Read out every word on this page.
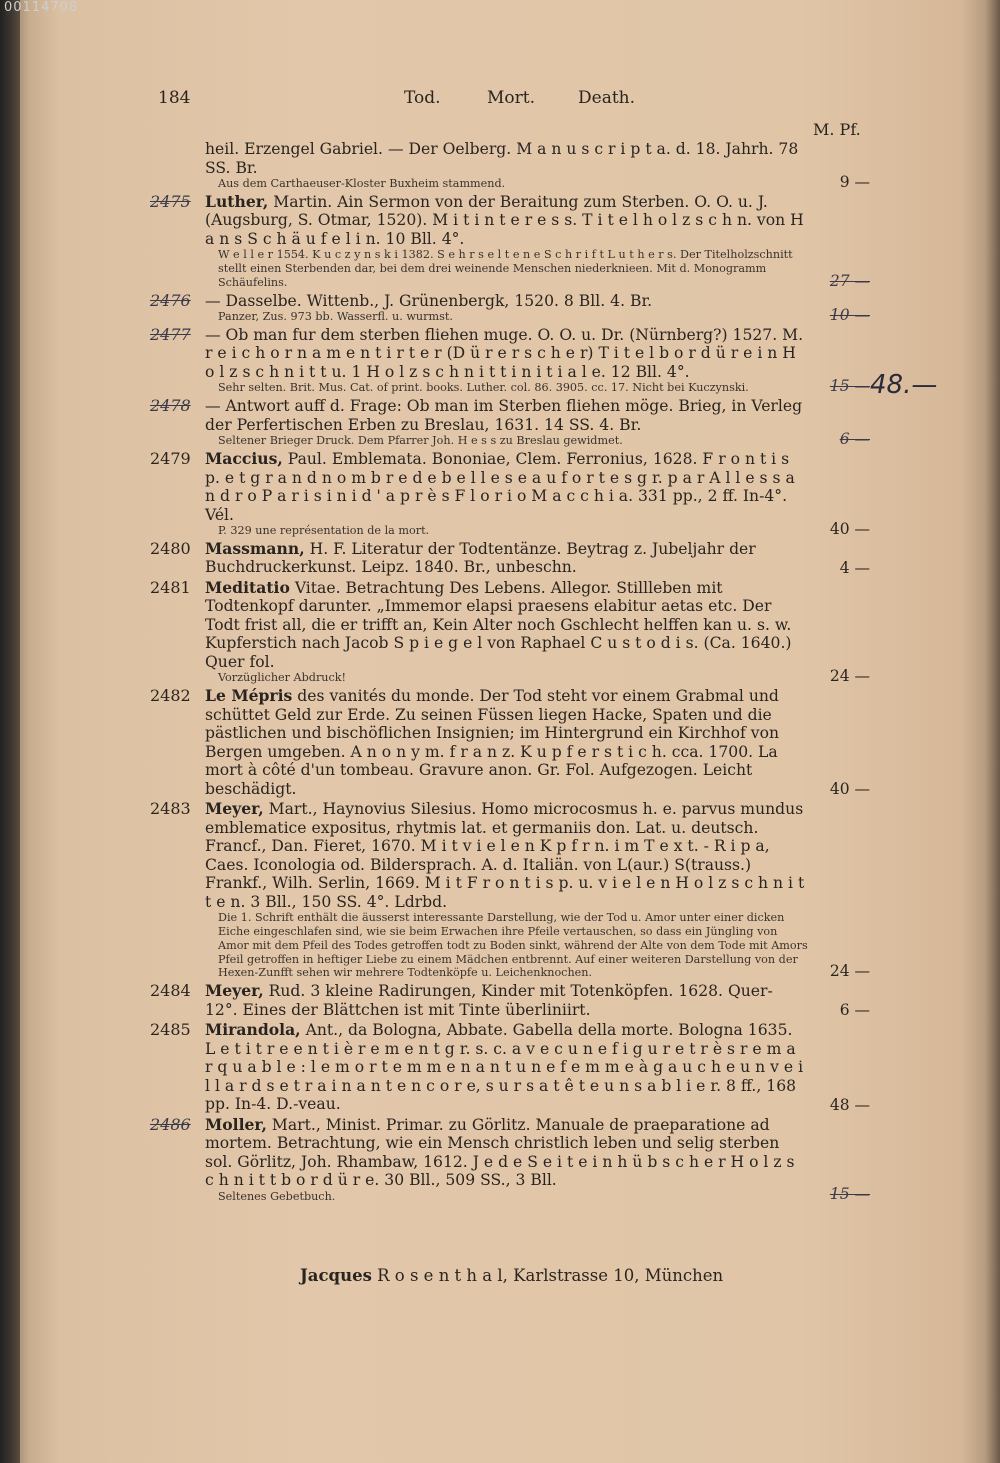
00114708
184	Tod.	Mort.	Death.
M. Pf.
heil. Erzengel Gabriel. — Der Oelberg. M a n u s c r i p t a. d. 18. Jahrh. 78 SS. Br.
Aus dem Carthaeuser-Kloster Buxheim stammend.	9 —
2475 Luther, Martin. Ain Sermon von der Beraitung zum Sterben. O. O. u. J. (Augsburg, S. Otmar, 1520). M i t i n t e r e s s. T i t e l h o l z s c h n. von H a n s S c h ä u f e l i n. 10 Bll. 4°.
W e l l e r 1554. K u c z y n s k i 1382. S e h r s e l t e n e S c h r i f t L u t h e r s. Der Titelholzschnitt stellt einen Sterbenden dar, bei dem drei weinende Menschen niederknieen. Mit d. Monogramm Schäufelins.	27 —
2476 — Dasselbe. Wittenb., J. Grünenbergk, 1520. 8 Bll. 4. Br.
Panzer, Zus. 973 bb. Wasserfl. u. wurmst.	10 —
2477 — Ob man fur dem sterben fliehen muge. O. O. u. Dr. (Nürnberg?) 1527. M. r e i c h o r n a m e n t i r t e r (D ü r e r s c h e r) T i t e l b o r d ü r e i n H o l z s c h n i t t u. 1 H o l z s c h n i t t i n i t i a l e. 12 Bll. 4°.
Sehr selten. Brit. Mus. Cat. of print. books. Luther. col. 86. 3905. cc. 17. Nicht bei Kuczynski.	15 —
2478 — Antwort auff d. Frage: Ob man im Sterben fliehen möge. Brieg, in Verleg der Perfertischen Erben zu Breslau, 1631. 14 SS. 4. Br.
Seltener Brieger Druck. Dem Pfarrer Joh. H e s s zu Breslau gewidmet.	6 —
2479 Maccius, Paul. Emblemata. Bononiae, Clem. Ferronius, 1628. F r o n t i s p. e t g r a n d n o m b r e d e b e l l e s e a u f o r t e s g r. p a r A l l e s s a n d r o P a r i s i n i d ' a p r è s F l o r i o M a c c h i a. 331 pp., 2 ff. In-4°. Vél.
P. 329 une représentation de la mort.	40 —
2480 Massmann, H. F. Literatur der Todtentänze. Beytrag z. Jubeljahr der Buchdruckerkunst. Leipz. 1840. Br., unbeschn.	4 —
2481 Meditatio Vitae. Betrachtung Des Lebens. Allegor. Stillleben mit Todtenkopf darunter. „Immemor elapsi praesens elabitur aetas etc. Der Todt frist all, die er trifft an, Kein Alter noch Gschlecht helffen kan u. s. w. Kupferstich nach Jacob S p i e g e l von Raphael C u s t o d i s. (Ca. 1640.) Quer fol.
Vorzüglicher Abdruck!	24 —
2482 Le Mépris des vanités du monde. Der Tod steht vor einem Grabmal und schüttet Geld zur Erde. Zu seinen Füssen liegen Hacke, Spaten und die pästlichen und bischöflichen Insignien; im Hintergrund ein Kirchhof von Bergen umgeben. A n o n y m. f r a n z. K u p f e r s t i c h. cca. 1700. La mort à côté d'un tombeau. Gravure anon. Gr. Fol. Aufgezogen. Leicht beschädigt.	40 —
2483 Meyer, Mart., Haynovius Silesius. Homo microcosmus h. e. parvus mundus emblematice expositus, rhytmis lat. et germaniis don. Lat. u. deutsch. Francf., Dan. Fieret, 1670. M i t v i e l e n K p f r n. i m T e x t. - R i p a, Caes. Iconologia od. Bildersprach. A. d. Italiän. von L(aur.) S(trauss.) Frankf., Wilh. Serlin, 1669. M i t F r o n t i s p. u. v i e l e n H o l z s c h n i t t e n. 3 Bll., 150 SS. 4°. Ldrbd.
Die 1. Schrift enthält die äusserst interessante Darstellung, wie der Tod u. Amor unter einer dicken Eiche eingeschlafen sind, wie sie beim Erwachen ihre Pfeile vertauschen, so dass ein Jüngling von Amor mit dem Pfeil des Todes getroffen todt zu Boden sinkt, während der Alte von dem Tode mit Amors Pfeil getroffen in heftiger Liebe zu einem Mädchen entbrennt. Auf einer weiteren Darstellung von der Hexen-Zunfft sehen wir mehrere Todtenköpfe u. Leichenknochen.	24 —
2484 Meyer, Rud. 3 kleine Radirungen, Kinder mit Totenköpfen. 1628. Quer-12°. Eines der Blättchen ist mit Tinte überliniirt.	6 —
2485 Mirandola, Ant., da Bologna, Abbate. Gabella della morte. Bologna 1635. L e t i t r e e n t i è r e m e n t g r. s. c. a v e c u n e f i g u r e t r è s r e m a r q u a b l e : l e m o r t e m m e n a n t u n e f e m m e à g a u c h e u n v e i l l a r d s e t r a i n a n t e n c o r e, s u r s a t ê t e u n s a b l i e r. 8 ff., 168 pp. In-4. D.-veau.	48 —
2486 Moller, Mart., Minist. Primar. zu Görlitz. Manuale de praeparatione ad mortem. Betrachtung, wie ein Mensch christlich leben und selig sterben sol. Görlitz, Joh. Rhambaw, 1612. J e d e S e i t e i n h ü b s c h e r H o l z s c h n i t t b o r d ü r e. 30 Bll., 509 SS., 3 Bll.
Seltenes Gebetbuch.	15 —
48.—
Jacques R o s e n t h a l, Karlstrasse 10, München
